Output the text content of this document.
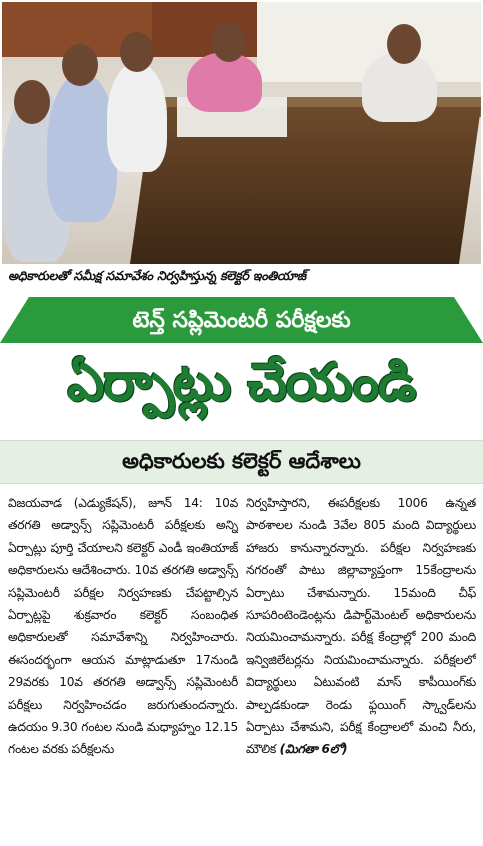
అధికారులతో సమీక్ష సమావేశం నిర్వహిస్తున్న కలెక్టర్ ఇంతియాజ్
టెన్త్ సప్లిమెంటరీ పరీక్షలకు
ఏర్పాట్లు చేయండి
అధికారులకు కలెక్టర్ ఆదేశాలు
విజయవాడ (ఎడ్యుకేషన్), జూన్ 14: 10వ తరగతి అడ్వాన్స్ సప్లిమెంటరీ పరీక్షలకు అన్ని ఏర్పాట్లు పూర్తి చేయాలని కలెక్టర్ ఎండీ ఇంతియాజ్ అధికారులను ఆదేశించారు. 10వ తరగతి అడ్వాన్స్ సప్లిమెంటరీ పరీక్షల నిర్వహణకు చేపట్టాల్సిన ఏర్పాట్లపై శుక్రవారం కలెక్టర్ సంబంధిత అధికారులతో సమావేశాన్ని నిర్వహించారు. ఈసందర్భంగా ఆయన మాట్లాడుతూ 17నుండి 29వరకు 10వ తరగతి అడ్వాన్స్ సప్లిమెంటరీ పరీక్షలు నిర్వహించడం జరుగుతుందన్నారు. ఉదయం 9.30 గంటల నుండి మధ్యాహ్నం 12.15 గంటల వరకు పరీక్షలను
నిర్వహిస్తారని, ఈపరీక్షలకు 1006 ఉన్నత పాఠశాలల నుండి 3వేల 805 మంది విద్యార్థులు హాజరు కానున్నారన్నారు. పరీక్షల నిర్వహణకు నగరంతో పాటు జిల్లావ్యాప్తంగా 15కేంద్రాలను ఏర్పాటు చేశామన్నారు. 15మంది చీఫ్ సూపరింటెండెంట్లను డిపార్ట్‌మెంటల్ అధికారులను నియమించామన్నారు. పరీక్ష కేంద్రాల్లో 200 మంది ఇన్విజిలేటర్లను నియమించామన్నారు. పరీక్షలలో విద్యార్థులు ఏటువంటి మాస్ కాపీయింగ్‌కు పాల్పడకుండా రెండు ఫ్లయింగ్ స్క్వాడ్‌లను ఏర్పాటు చేశామని, పరీక్ష కేంద్రాలలో మంచి నీరు, మౌలిక (మిగతా 6లో)
